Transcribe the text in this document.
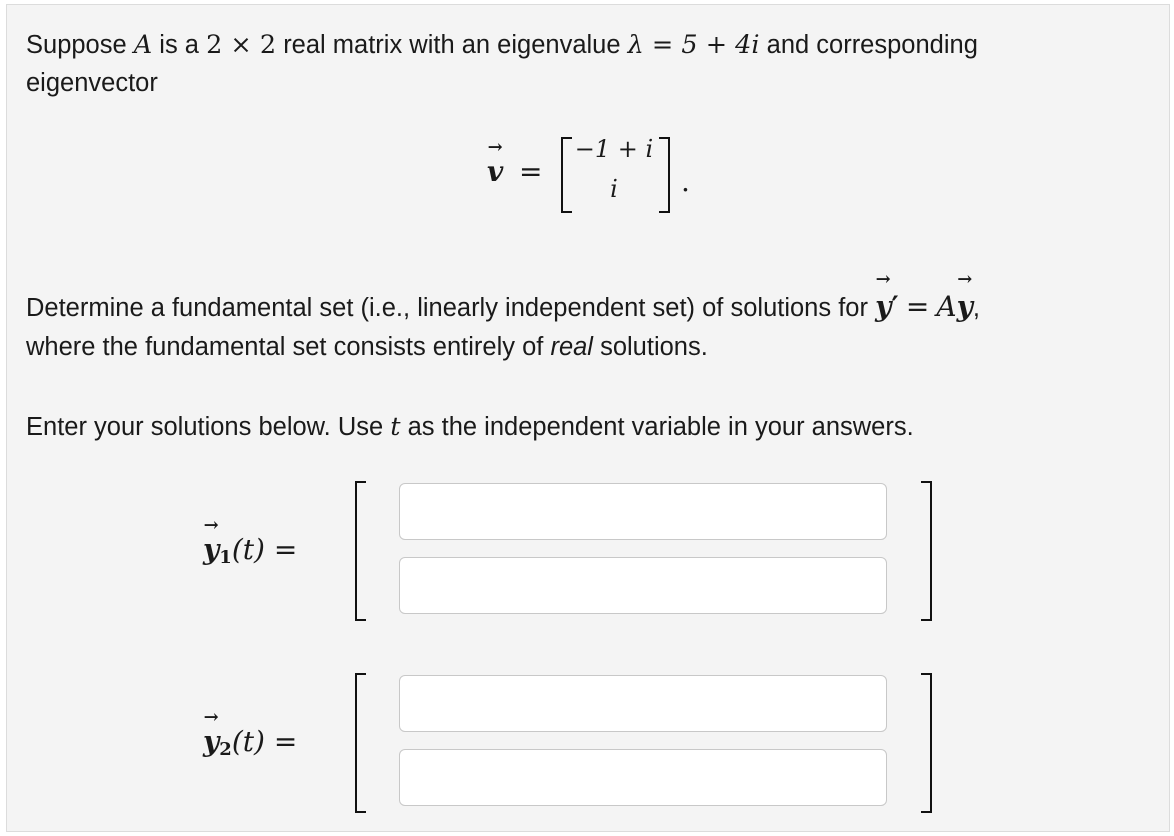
Suppose A is a 2 × 2 real matrix with an eigenvalue λ = 5 + 4i and corresponding
eigenvector
→
v =
−1 + i
i	.
Determine a fundamental set (i.e., linearly independent set) of solutions for
→
y′ = A
→
y,
where the fundamental set consists entirely of real solutions.
Enter your solutions below. Use t as the independent variable in your answers.
→
$y_1(t)$ =
→
$y_2(t)$ =
